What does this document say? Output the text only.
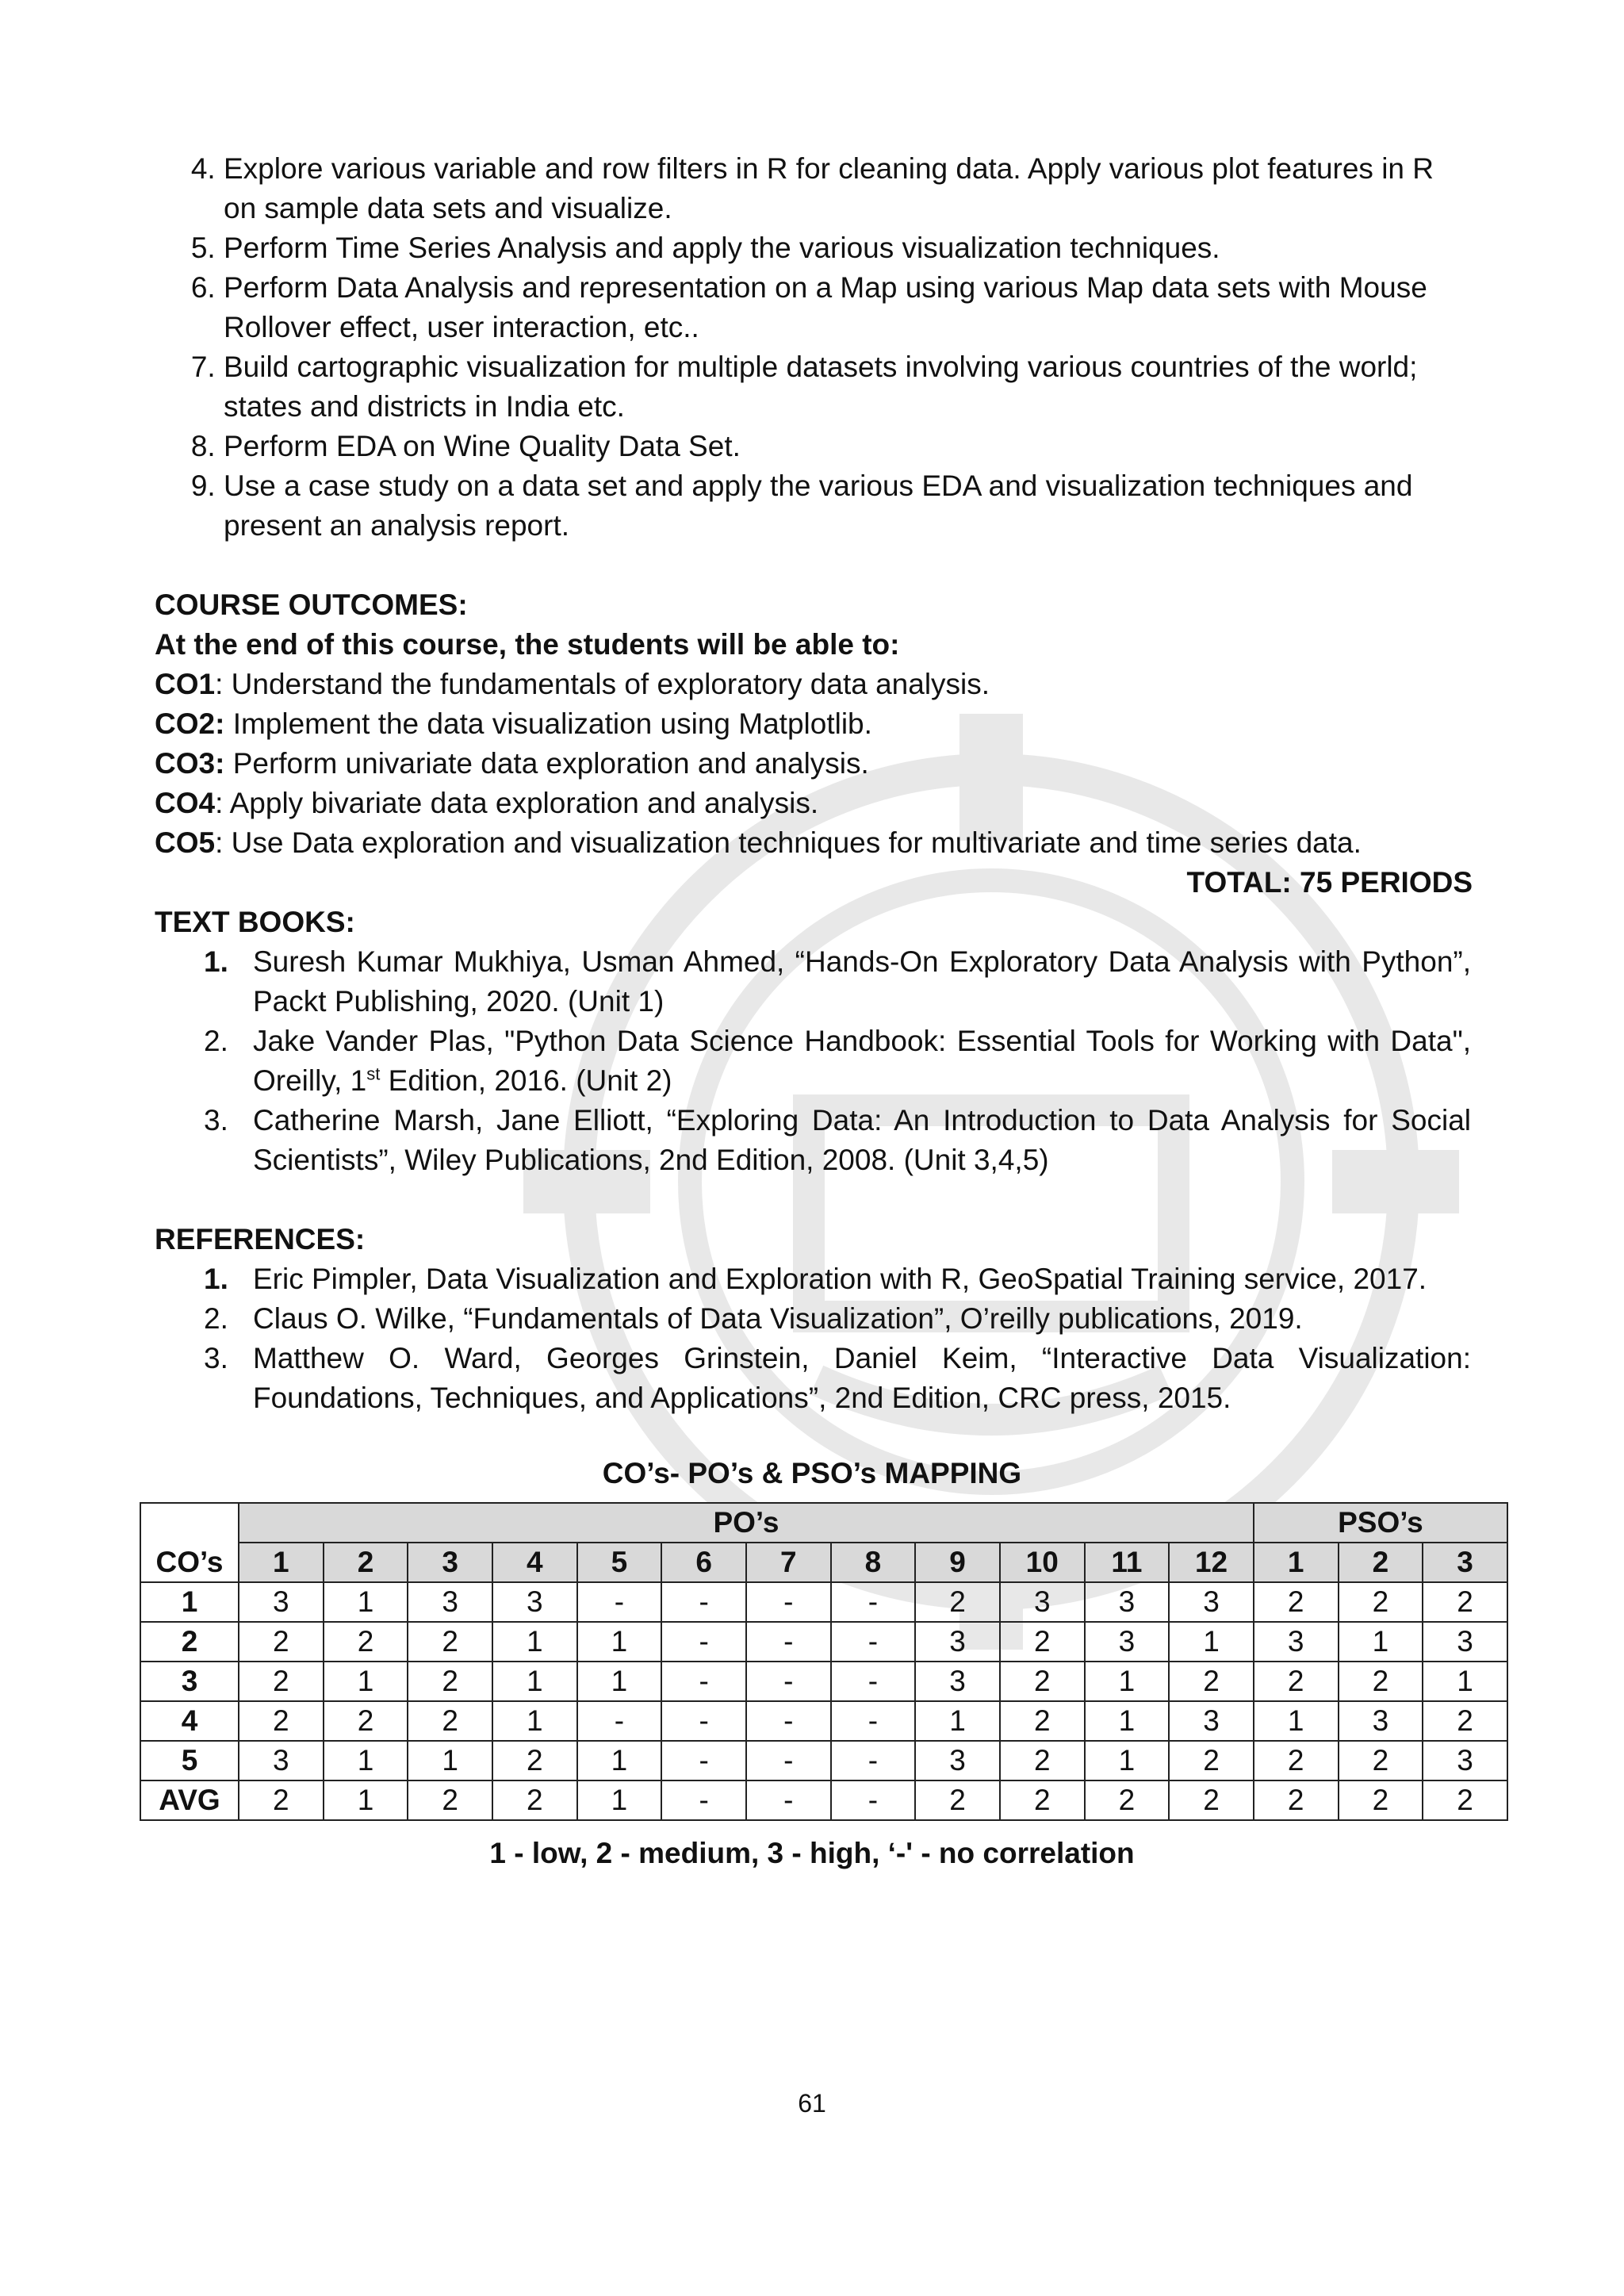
4. Explore various variable and row filters in R for cleaning data. Apply various plot features in R on sample data sets and visualize.
5. Perform Time Series Analysis and apply the various visualization techniques.
6. Perform Data Analysis and representation on a Map using various Map data sets with Mouse Rollover effect, user interaction, etc..
7. Build cartographic visualization for multiple datasets involving various countries of the world; states and districts in India etc.
8. Perform EDA on Wine Quality Data Set.
9. Use a case study on a data set and apply the various EDA and visualization techniques and present an analysis report.
COURSE OUTCOMES:
At the end of this course, the students will be able to:
CO1: Understand the fundamentals of exploratory data analysis.
CO2: Implement the data visualization using Matplotlib.
CO3: Perform univariate data exploration and analysis.
CO4: Apply bivariate data exploration and analysis.
CO5: Use Data exploration and visualization techniques for multivariate and time series data.
TOTAL: 75 PERIODS
TEXT BOOKS:
1. Suresh Kumar Mukhiya, Usman Ahmed, “Hands-On Exploratory Data Analysis with Python”, Packt Publishing, 2020. (Unit 1)
2. Jake Vander Plas, "Python Data Science Handbook: Essential Tools for Working with Data", Oreilly, 1st Edition, 2016. (Unit 2)
3. Catherine Marsh, Jane Elliott, “Exploring Data: An Introduction to Data Analysis for Social Scientists”, Wiley Publications, 2nd Edition, 2008. (Unit 3,4,5)
REFERENCES:
1. Eric Pimpler, Data Visualization and Exploration with R, GeoSpatial Training service, 2017.
2. Claus O. Wilke, “Fundamentals of Data Visualization”, O’reilly publications, 2019.
3. Matthew O. Ward, Georges Grinstein, Daniel Keim, “Interactive Data Visualization: Foundations, Techniques, and Applications”, 2nd Edition, CRC press, 2015.
CO’s- PO’s & PSO’s MAPPING
CO’s	PO’s												PSO’s		
	1	2	3	4	5	6	7	8	9	10	11	12	1	2	3
1	3	1	3	3	-	-	-	-	2	3	3	3	2	2	2
2	2	2	2	1	1	-	-	-	3	2	3	1	3	1	3
3	2	1	2	1	1	-	-	-	3	2	1	2	2	2	1
4	2	2	2	1	-	-	-	-	1	2	1	3	1	3	2
5	3	1	1	2	1	-	-	-	3	2	1	2	2	2	3
AVG	2	1	2	2	1	-	-	-	2	2	2	2	2	2	2
1 - low, 2 - medium, 3 - high, ‘-' - no correlation
61
